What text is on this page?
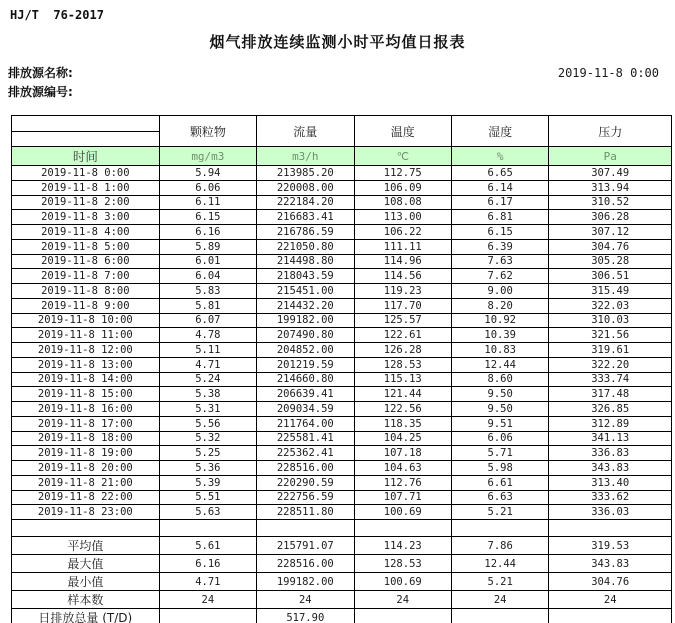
HJ/T  76-2017
烟气排放连续监测小时平均值日报表
排放源名称:
排放源编号:
2019-11-8 0:00
	颗粒物	流量	温度	湿度	压力

时间	mg/m3	m3/h	℃	%	Pa
2019-11-8 0:00	5.94	213985.20	112.75	6.65	307.49
2019-11-8 1:00	6.06	220008.00	106.09	6.14	313.94
2019-11-8 2:00	6.11	222184.20	108.08	6.17	310.52
2019-11-8 3:00	6.15	216683.41	113.00	6.81	306.28
2019-11-8 4:00	6.16	216786.59	106.22	6.15	307.12
2019-11-8 5:00	5.89	221050.80	111.11	6.39	304.76
2019-11-8 6:00	6.01	214498.80	114.96	7.63	305.28
2019-11-8 7:00	6.04	218043.59	114.56	7.62	306.51
2019-11-8 8:00	5.83	215451.00	119.23	9.00	315.49
2019-11-8 9:00	5.81	214432.20	117.70	8.20	322.03
2019-11-8 10:00	6.07	199182.00	125.57	10.92	310.03
2019-11-8 11:00	4.78	207490.80	122.61	10.39	321.56
2019-11-8 12:00	5.11	204852.00	126.28	10.83	319.61
2019-11-8 13:00	4.71	201219.59	128.53	12.44	322.20
2019-11-8 14:00	5.24	214660.80	115.13	8.60	333.74
2019-11-8 15:00	5.38	206639.41	121.44	9.50	317.48
2019-11-8 16:00	5.31	209034.59	122.56	9.50	326.85
2019-11-8 17:00	5.56	211764.00	118.35	9.51	312.89
2019-11-8 18:00	5.32	225581.41	104.25	6.06	341.13
2019-11-8 19:00	5.25	225362.41	107.18	5.71	336.83
2019-11-8 20:00	5.36	228516.00	104.63	5.98	343.83
2019-11-8 21:00	5.39	220290.59	112.76	6.61	313.40
2019-11-8 22:00	5.51	222756.59	107.71	6.63	333.62
2019-11-8 23:00	5.63	228511.80	100.69	5.21	336.03

平均值	5.61	215791.07	114.23	7.86	319.53
最大值	6.16	228516.00	128.53	12.44	343.83
最小值	4.71	199182.00	100.69	5.21	304.76
样本数	24	24	24	24	24
日排放总量 (T/D)		517.90			
